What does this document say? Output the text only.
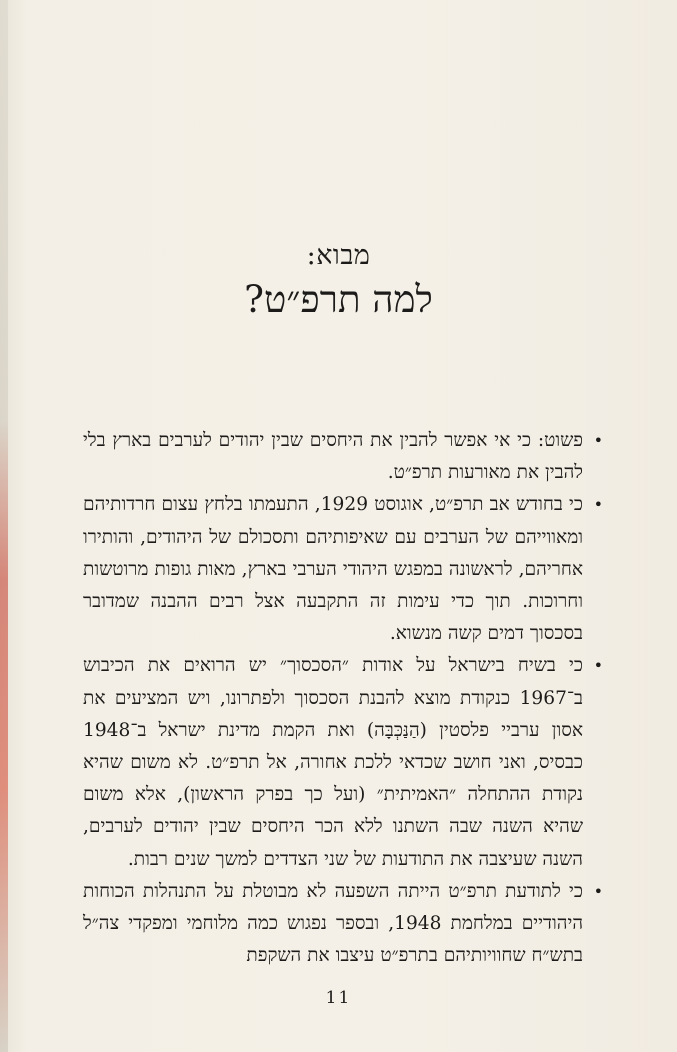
מבוא:
למה תרפ״ט?
•
פשוט: כי אי אפשר להבין את היחסים שבין יהודים לערבים בארץ בלי להבין את מאורעות תרפ״ט.
•
כי בחודש אב תרפ״ט, אוגוסט 1929, התעמתו בלחץ עצום חרדותיהם ומאווייהם של הערבים עם שאיפותיהם ותסכולם של היהודים, והותירו אחריהם, לראשונה במפגש היהודי הערבי בארץ, מאות גופות מרוטשות וחרוכות. תוך כדי עימות זה התקבעה אצל רבים ההבנה שמדובר בסכסוך דמים קשה מנשוא.
•
כי בשיח בישראל על אודות ״הסכסוך״ יש הרואים את הכיבוש ב־1967 כנקודת מוצא להבנת הסכסוך ולפתרונו, ויש המציעים את אסון ערביי פלסטין (הַנַּכְּבָּה) ואת הקמת מדינת ישראל ב־1948 כבסיס, ואני חושב שכדאי ללכת אחורה, אל תרפ״ט. לא משום שהיא נקודת ההתחלה ״האמיתית״ (ועל כך בפרק הראשון), אלא משום שהיא השנה שבה השתנו ללא הכר היחסים שבין יהודים לערבים, השנה שעיצבה את התודעות של שני הצדדים למשך שנים רבות.
•
כי לתודעת תרפ״ט הייתה השפעה לא מבוטלת על התנהלות הכוחות היהודיים במלחמת 1948, ובספר נפגוש כמה מלוחמי ומפקדי צה״ל בתש״ח שחוויותיהם בתרפ״ט עיצבו את השקפת
11
